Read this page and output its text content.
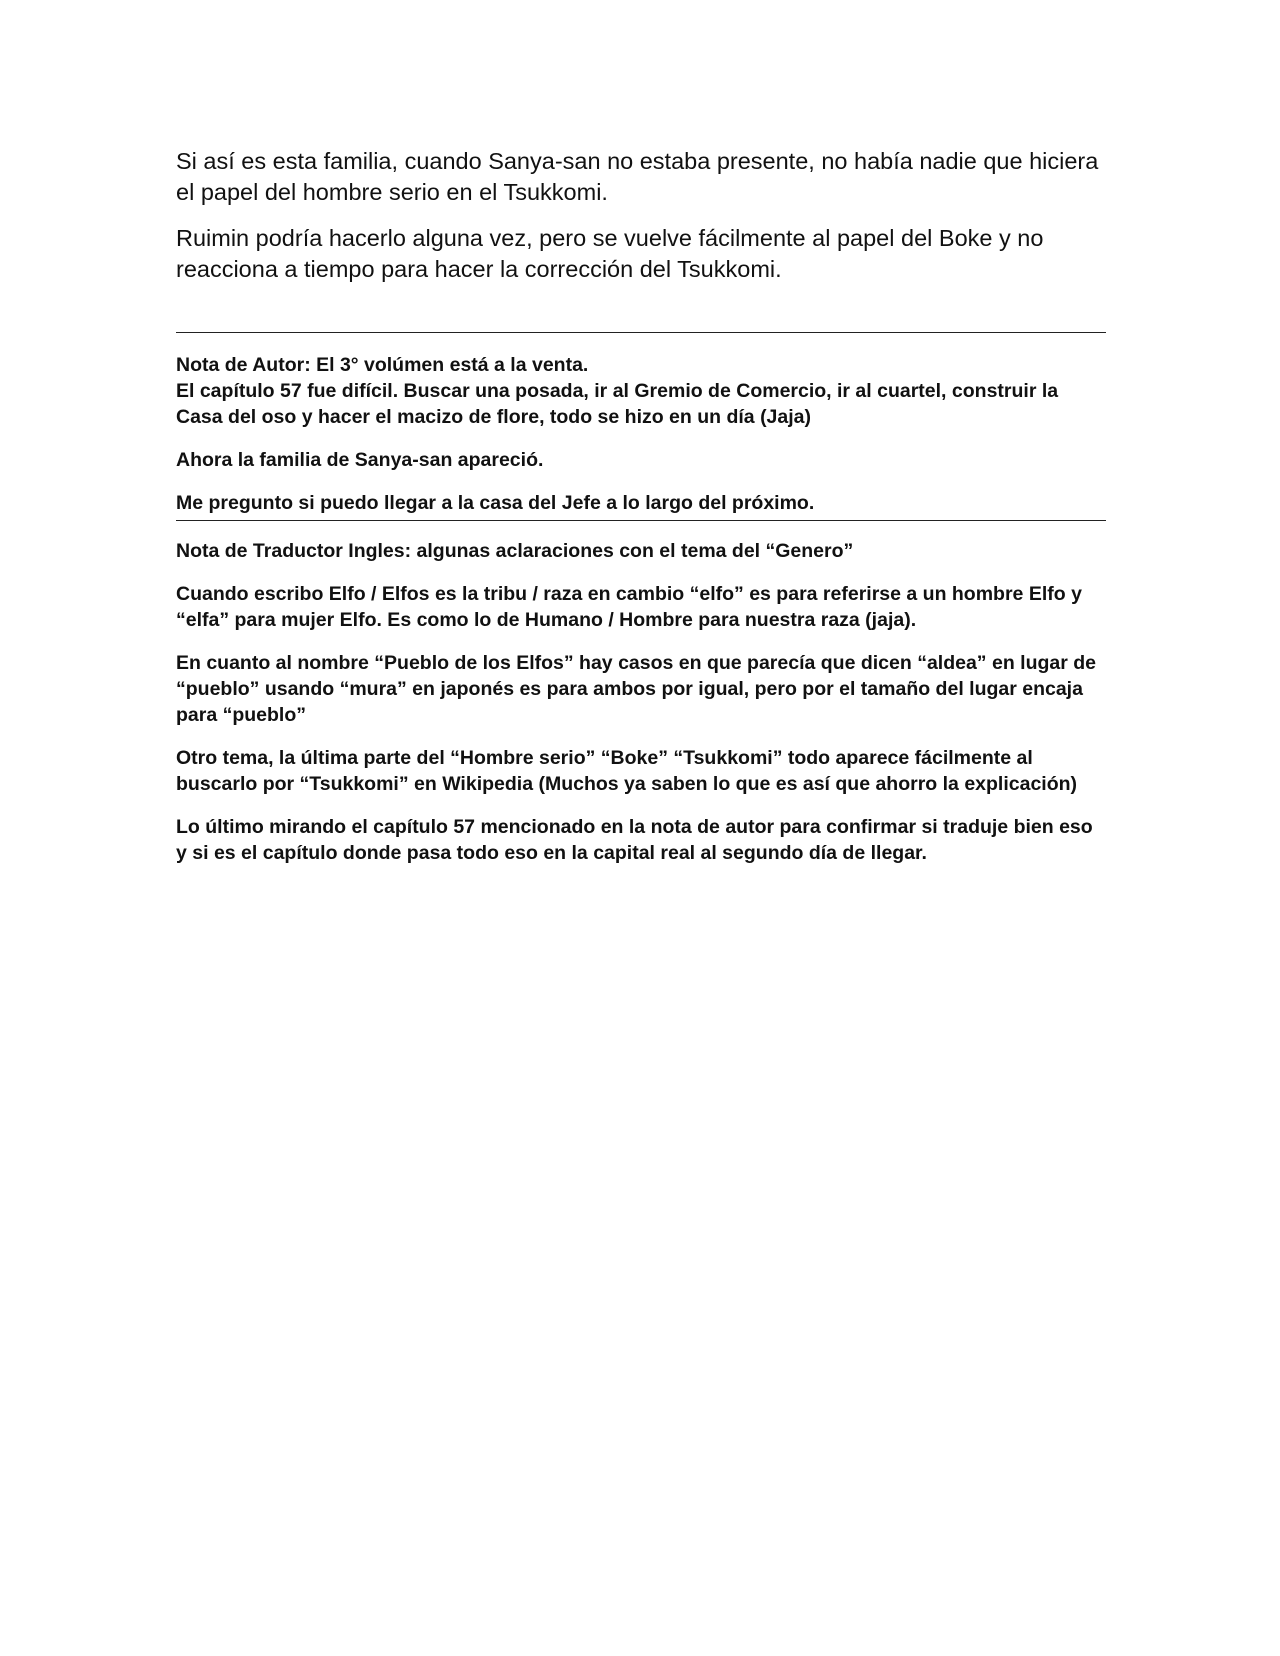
Si así es esta familia, cuando Sanya-san no estaba presente, no había nadie que hiciera el papel del hombre serio en el Tsukkomi.

Ruimin podría hacerlo alguna vez, pero se vuelve fácilmente al papel del Boke y no reacciona a tiempo para hacer la corrección del Tsukkomi.

Nota de Autor: El 3° volúmen está a la venta.

El capítulo 57 fue difícil. Buscar una posada, ir al Gremio de Comercio, ir al cuartel, construir la Casa del oso y hacer el macizo de flore, todo se hizo en un día (Jaja)

Ahora la familia de Sanya-san apareció.

Me pregunto si puedo llegar a la casa del Jefe a lo largo del próximo.

Nota de Traductor Ingles: algunas aclaraciones con el tema del “Genero”

Cuando escribo Elfo / Elfos es la tribu / raza en cambio “elfo” es para referirse a un hombre Elfo y “elfa” para mujer Elfo. Es como lo de Humano / Hombre para nuestra raza (jaja).

En cuanto al nombre “Pueblo de los Elfos” hay casos en que parecía que dicen “aldea” en lugar de “pueblo” usando “mura” en japonés es para ambos por igual, pero por el tamaño del lugar encaja para “pueblo”

Otro tema, la última parte del “Hombre serio” “Boke” “Tsukkomi” todo aparece fácilmente al buscarlo por “Tsukkomi” en Wikipedia (Muchos ya saben lo que es así que ahorro la explicación)

Lo último mirando el capítulo 57 mencionado en la nota de autor para confirmar si traduje bien eso y si es el capítulo donde pasa todo eso en la capital real al segundo día de llegar.
